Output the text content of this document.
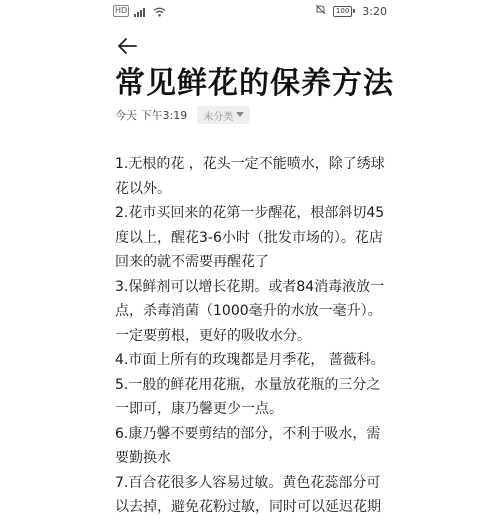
HD	100 3:20
常见鲜花的保养方法
今天 下午3:19 未分类

1.无根的花 ，花头一定不能喷水，除了绣球花以外。

2.花市买回来的花第一步醒花，根部斜切45度以上，醒花3-6小时（批发市场的）。花店回来的就不需要再醒花了

3.保鲜剂可以增长花期。或者84消毒液放一点，杀毒消菌（1000毫升的水放一毫升）。一定要剪根，更好的吸收水分。

4.市面上所有的玫瑰都是月季花， 蔷薇科。

5.一般的鲜花用花瓶，水量放花瓶的三分之一即可，康乃馨更少一点。

6.康乃馨不要剪结的部分，不利于吸水，需要勤换水

7.百合花很多人容易过敏。黄色花蕊部分可以去掉，避免花粉过敏，同时可以延迟花期
